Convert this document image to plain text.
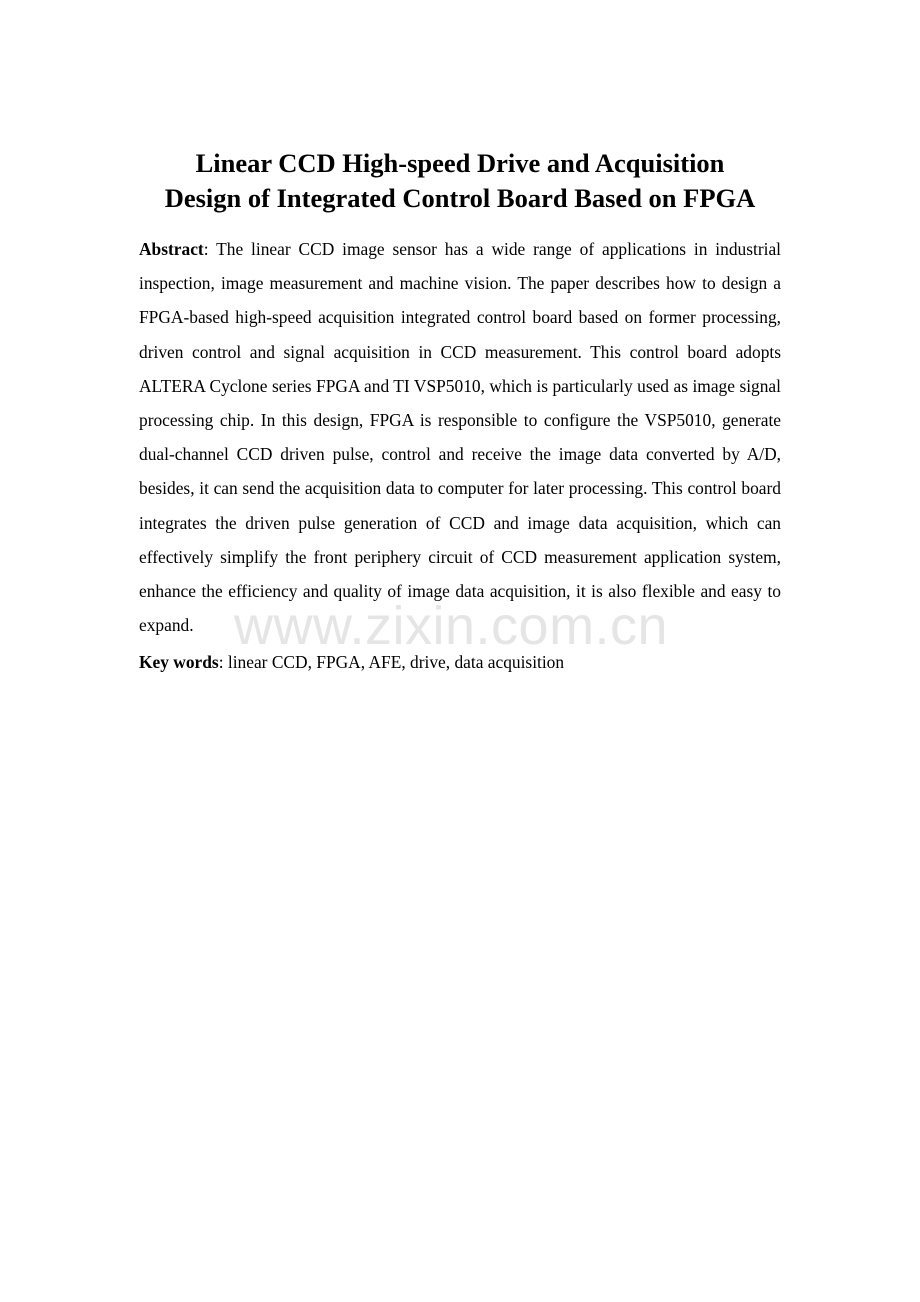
Linear CCD High-speed Drive and Acquisition
Design of Integrated Control Board Based on FPGA
Abstract: The linear CCD image sensor has a wide range of applications in industrial inspection, image measurement and machine vision. The paper describes how to design a FPGA-based high-speed acquisition integrated control board based on former processing, driven control and signal acquisition in CCD measurement. This control board adopts ALTERA Cyclone series FPGA and TI VSP5010, which is particularly used as image signal processing chip. In this design, FPGA is responsible to configure the VSP5010, generate dual-channel CCD driven pulse, control and receive the image data converted by A/D, besides, it can send the acquisition data to computer for later processing. This control board integrates the driven pulse generation of CCD and image data acquisition, which can effectively simplify the front periphery circuit of CCD measurement application system, enhance the efficiency and quality of image data acquisition, it is also flexible and easy to expand.
Key words: linear CCD, FPGA, AFE, drive, data acquisition
www.zixin.com.cn
